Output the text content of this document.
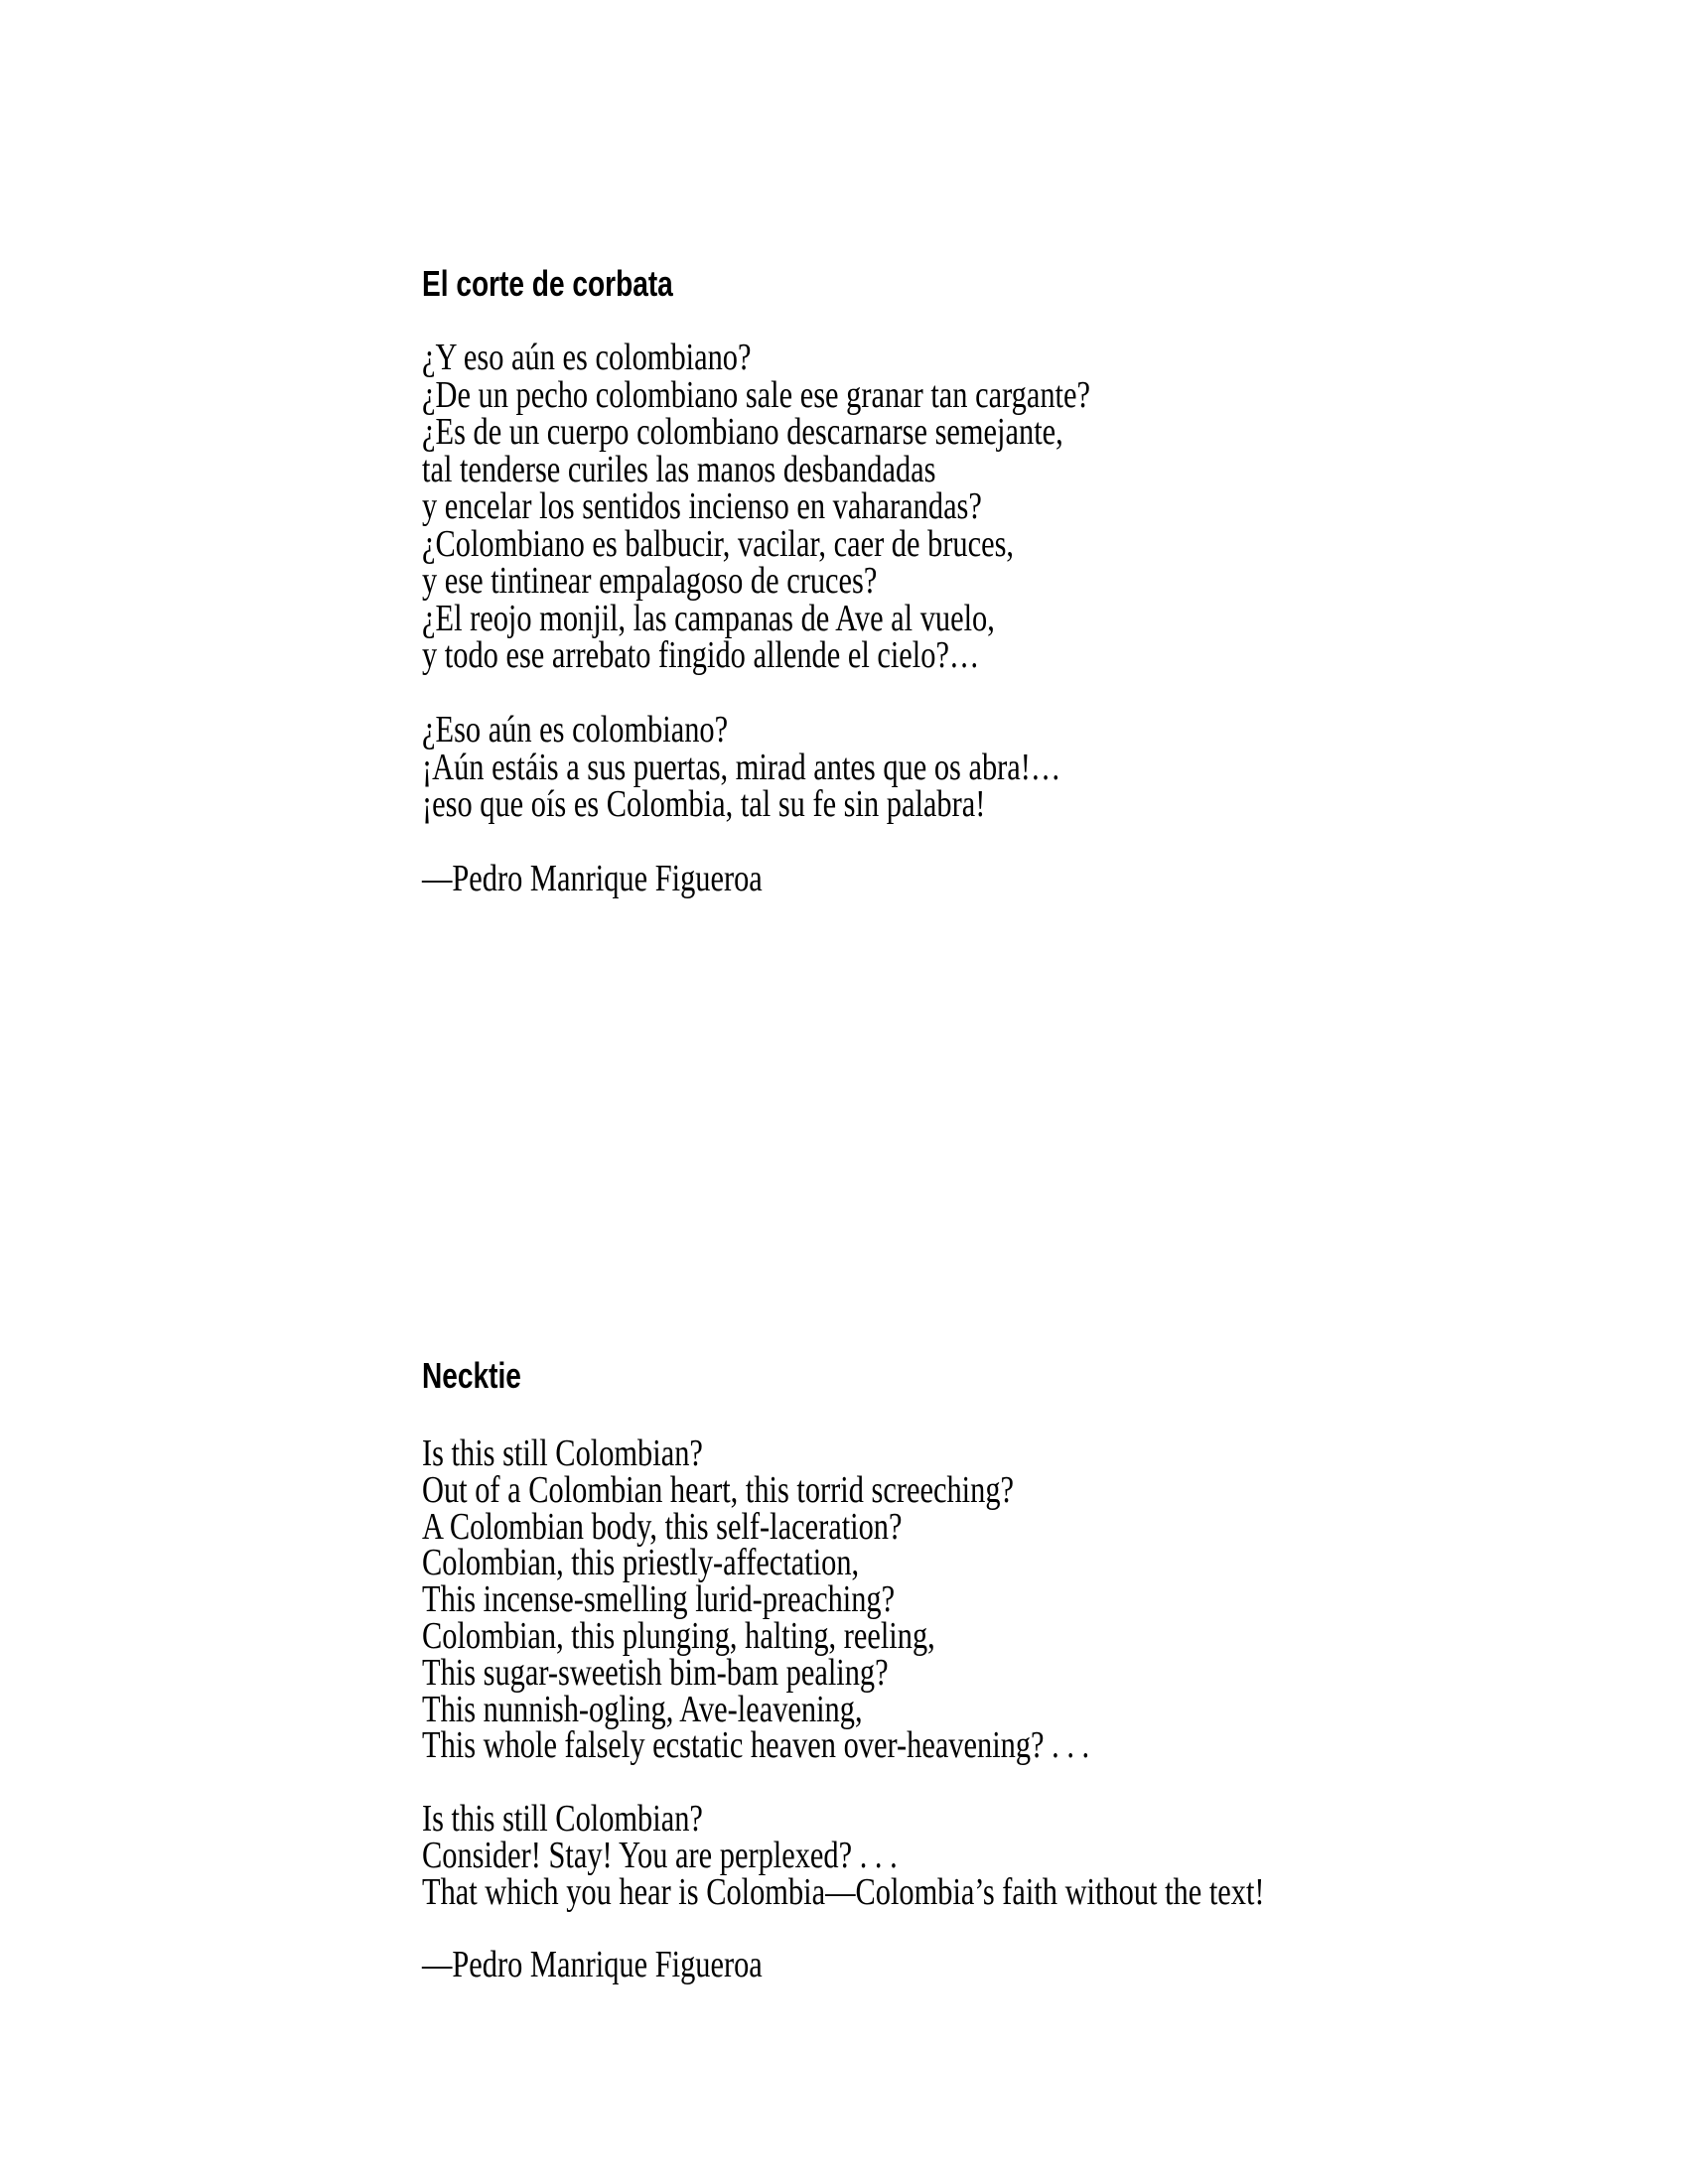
El corte de corbata
¿Y eso aún es colombiano?
¿De un pecho colombiano sale ese granar tan cargante?
¿Es de un cuerpo colombiano descarnarse semejante,
tal tenderse curiles las manos desbandadas
y encelar los sentidos incienso en vaharandas?
¿Colombiano es balbucir, vacilar, caer de bruces,
y ese tintinear empalagoso de cruces?
¿El reojo monjil, las campanas de Ave al vuelo,
y todo ese arrebato fingido allende el cielo?…
¿Eso aún es colombiano?
¡Aún estáis a sus puertas, mirad antes que os abra!…
¡eso que oís es Colombia, tal su fe sin palabra!
—Pedro Manrique Figueroa
Necktie
Is this still Colombian?
Out of a Colombian heart, this torrid screeching?
A Colombian body, this self-laceration?
Colombian, this priestly-affectation,
This incense-smelling lurid-preaching?
Colombian, this plunging, halting, reeling,
This sugar-sweetish bim-bam pealing?
This nunnish-ogling, Ave-leavening,
This whole falsely ecstatic heaven over-heavening? . . .
Is this still Colombian?
Consider! Stay! You are perplexed? . . .
That which you hear is Colombia—Colombia’s faith without the text!
—Pedro Manrique Figueroa
